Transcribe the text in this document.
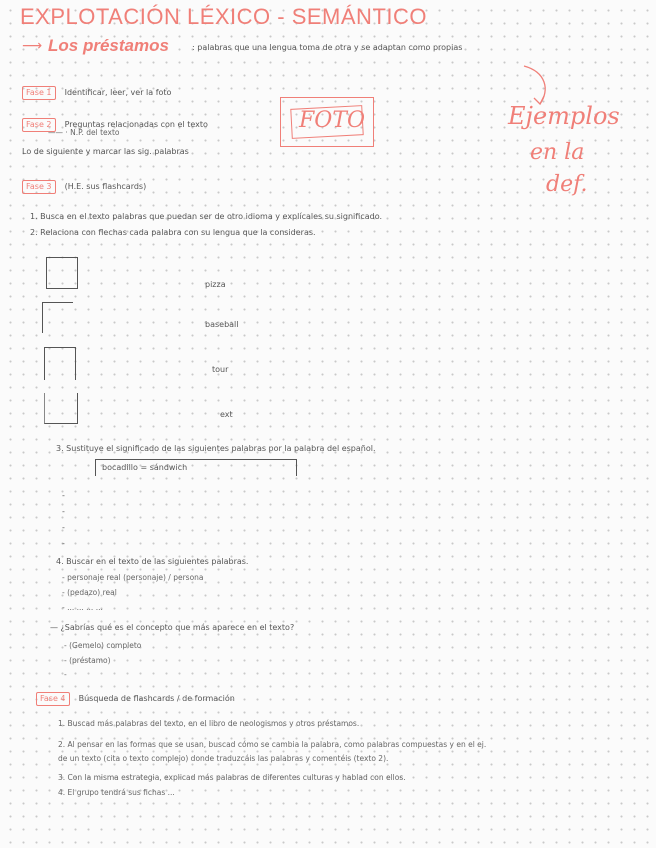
EXPLOTACIÓN LÉXICO - SEMÁNTICO
⟶ Los préstamos	: palabras que una lengua toma de otra y se adaptan como propias
Fase 1 Identificar, leer, ver la foto
Fase 2 Preguntas relacionadas con el texto
—— · N.P. del texto
Lo de siguiente y marcar las sig. palabras
Fase 3 (H.E. sus flashcards)
FOTO	Ejemplos
en la
def.
1. Busca en el texto palabras que puedan ser de otro idioma y explícales su significado.
2. Relaciona con flechas cada palabra con su lengua que la consideras.
pizza
baseball
tour
ext
3. Sustituye el significado de las siguientes palabras por la palabra del español.
bocadillo = sándwich
-
-
-
-
4. Buscar en el texto de las siguientes palabras.
- personaje real (personaje) / persona
- (pedazo) real
- ... ... ... ...
— ¿Sabrías qué es el concepto que más aparece en el texto?
- (Gemelo) completo
- (préstamo)
-
Fase 4 Búsqueda de flashcards / de formación
1. Buscad más palabras del texto, en el libro de neologismos y otros préstamos.
2. Al pensar en las formas que se usan, buscad cómo se cambia la palabra, como palabras compuestas y en el ej.
de un texto (cita o texto complejo) donde traduzcáis las palabras y comentéis (texto 2).
3. Con la misma estrategia, explicad más palabras de diferentes culturas y hablad con ellos.
4. El grupo tendrá sus fichas ...
